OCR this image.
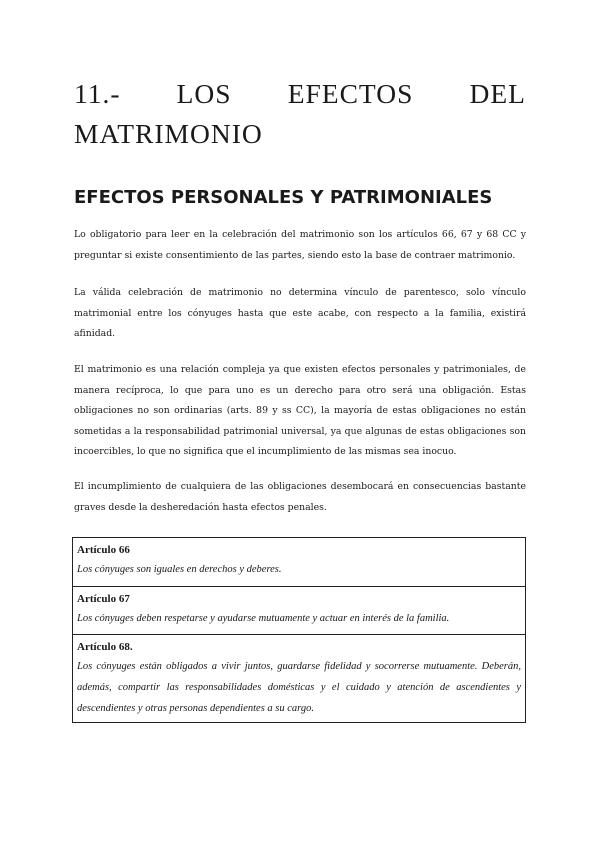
11.- LOS EFECTOS DEL
MATRIMONIO
EFECTOS PERSONALES Y PATRIMONIALES

Lo obligatorio para leer en la celebración del matrimonio son los artículos 66, 67 y 68 CC y preguntar si existe consentimiento de las partes, siendo esto la base de contraer matrimonio.

La válida celebración de matrimonio no determina vínculo de parentesco, solo vínculo matrimonial entre los cónyuges hasta que este acabe, con respecto a la familia, existirá afinidad.

El matrimonio es una relación compleja ya que existen efectos personales y patrimoniales, de manera recíproca, lo que para uno es un derecho para otro será una obligación. Estas obligaciones no son ordinarias (arts. 89 y ss CC), la mayoría de estas obligaciones no están sometidas a la responsabilidad patrimonial universal, ya que algunas de estas obligaciones son incoercibles, lo que no significa que el incumplimiento de las mismas sea inocuo.

El incumplimiento de cualquiera de las obligaciones desembocará en consecuencias bastante graves desde la desheredación hasta efectos penales.

Artículo 66

Los cónyuges son iguales en derechos y deberes.

Artículo 67

Los cónyuges deben respetarse y ayudarse mutuamente y actuar en interés de la familia.

Artículo 68.

Los cónyuges están obligados a vivir juntos, guardarse fidelidad y socorrerse mutuamente. Deberán, además, compartir las responsabilidades domésticas y el cuidado y atención de ascendientes y descendientes y otras personas dependientes a su cargo.
